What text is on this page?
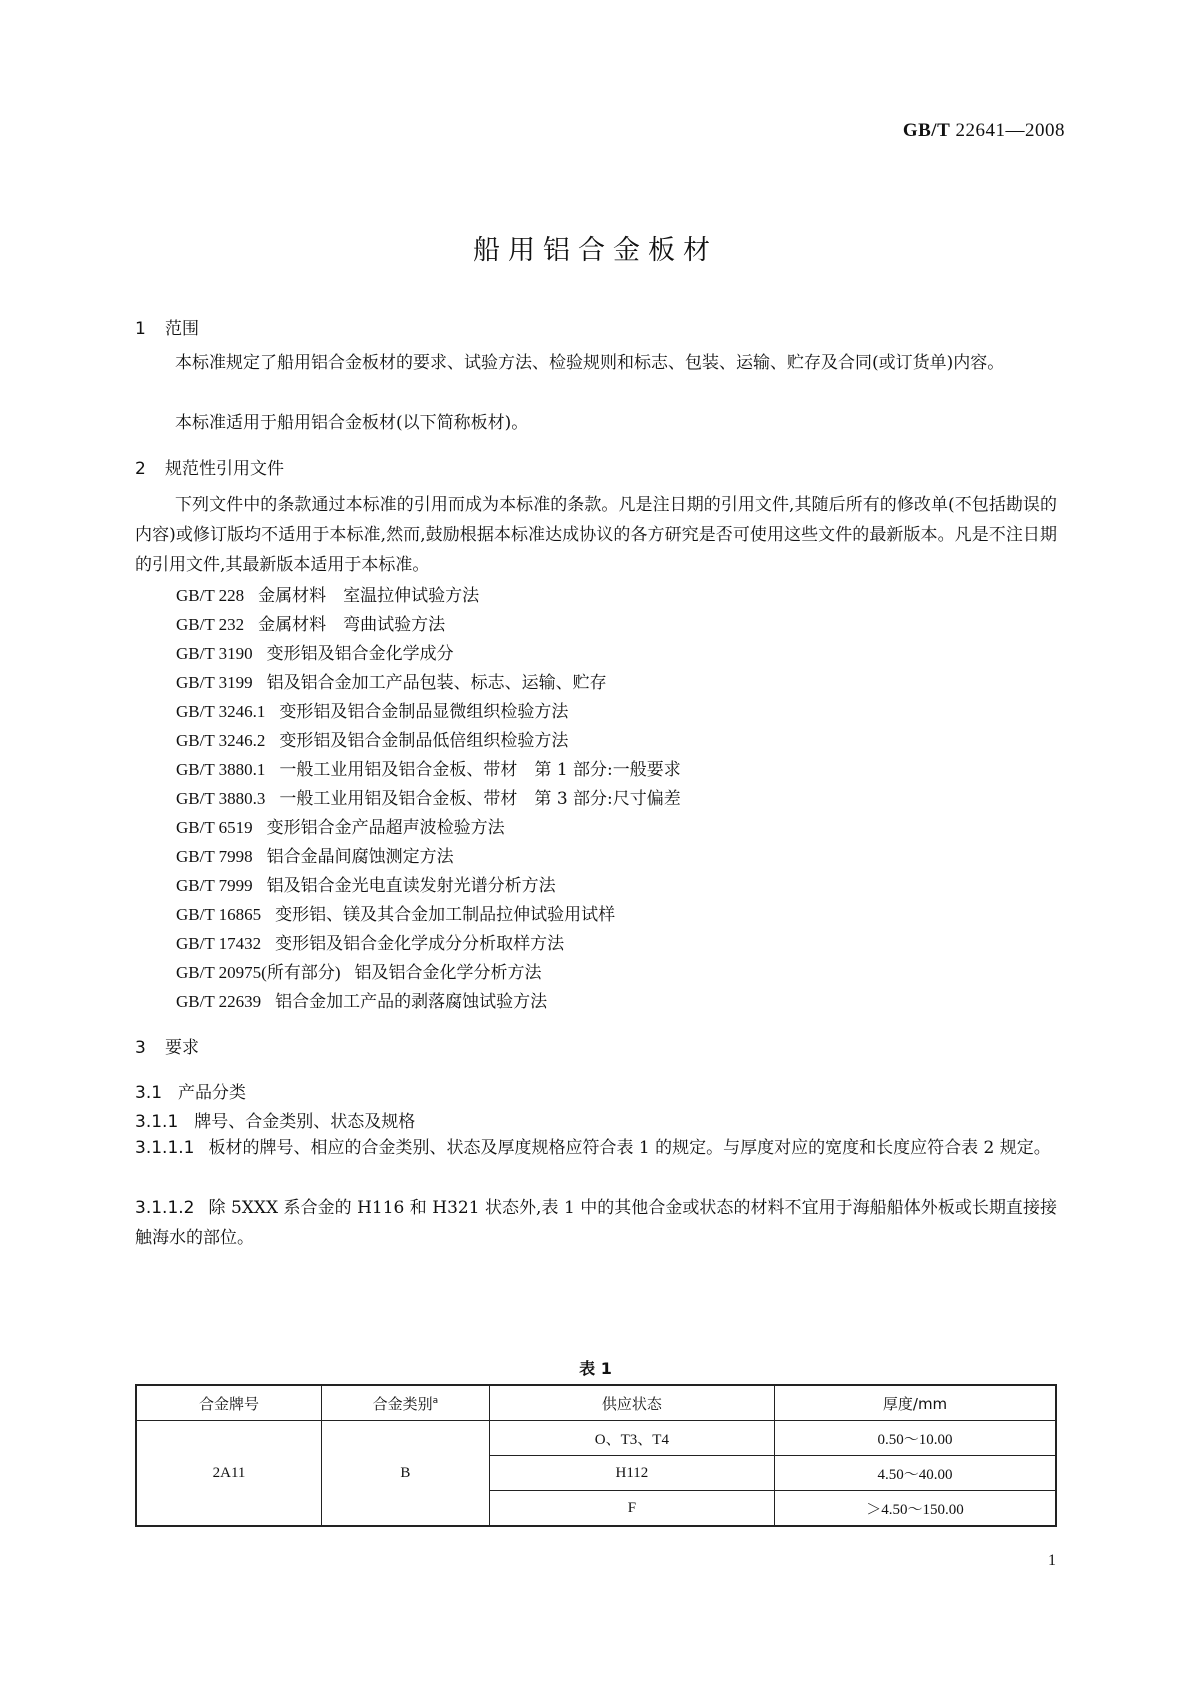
GB/T 22641—2008
船用铝合金板材
1 范围
本标准规定了船用铝合金板材的要求、试验方法、检验规则和标志、包装、运输、贮存及合同(或订货单)内容。
本标准适用于船用铝合金板材(以下简称板材)。
2 规范性引用文件
下列文件中的条款通过本标准的引用而成为本标准的条款。凡是注日期的引用文件,其随后所有的修改单(不包括勘误的内容)或修订版均不适用于本标准,然而,鼓励根据本标准达成协议的各方研究是否可使用这些文件的最新版本。凡是不注日期的引用文件,其最新版本适用于本标准。
GB/T 228 金属材料　室温拉伸试验方法
GB/T 232 金属材料　弯曲试验方法
GB/T 3190 变形铝及铝合金化学成分
GB/T 3199 铝及铝合金加工产品包装、标志、运输、贮存
GB/T 3246.1 变形铝及铝合金制品显微组织检验方法
GB/T 3246.2 变形铝及铝合金制品低倍组织检验方法
GB/T 3880.1 一般工业用铝及铝合金板、带材　第 1 部分:一般要求
GB/T 3880.3 一般工业用铝及铝合金板、带材　第 3 部分:尺寸偏差
GB/T 6519 变形铝合金产品超声波检验方法
GB/T 7998 铝合金晶间腐蚀测定方法
GB/T 7999 铝及铝合金光电直读发射光谱分析方法
GB/T 16865 变形铝、镁及其合金加工制品拉伸试验用试样
GB/T 17432 变形铝及铝合金化学成分分析取样方法
GB/T 20975(所有部分) 铝及铝合金化学分析方法
GB/T 22639 铝合金加工产品的剥落腐蚀试验方法
3 要求
3.1 产品分类
3.1.1 牌号、合金类别、状态及规格
3.1.1.1 板材的牌号、相应的合金类别、状态及厚度规格应符合表 1 的规定。与厚度对应的宽度和长度应符合表 2 规定。
3.1.1.2 除 5XXX 系合金的 H116 和 H321 状态外,表 1 中的其他合金或状态的材料不宜用于海船船体外板或长期直接接触海水的部位。
表 1
合金牌号	合金类别$^a$	供应状态	厚度/mm
2A11	B	O、T3、T4	0.50～10.00
		H112	4.50～40.00
		F	＞4.50～150.00
1
